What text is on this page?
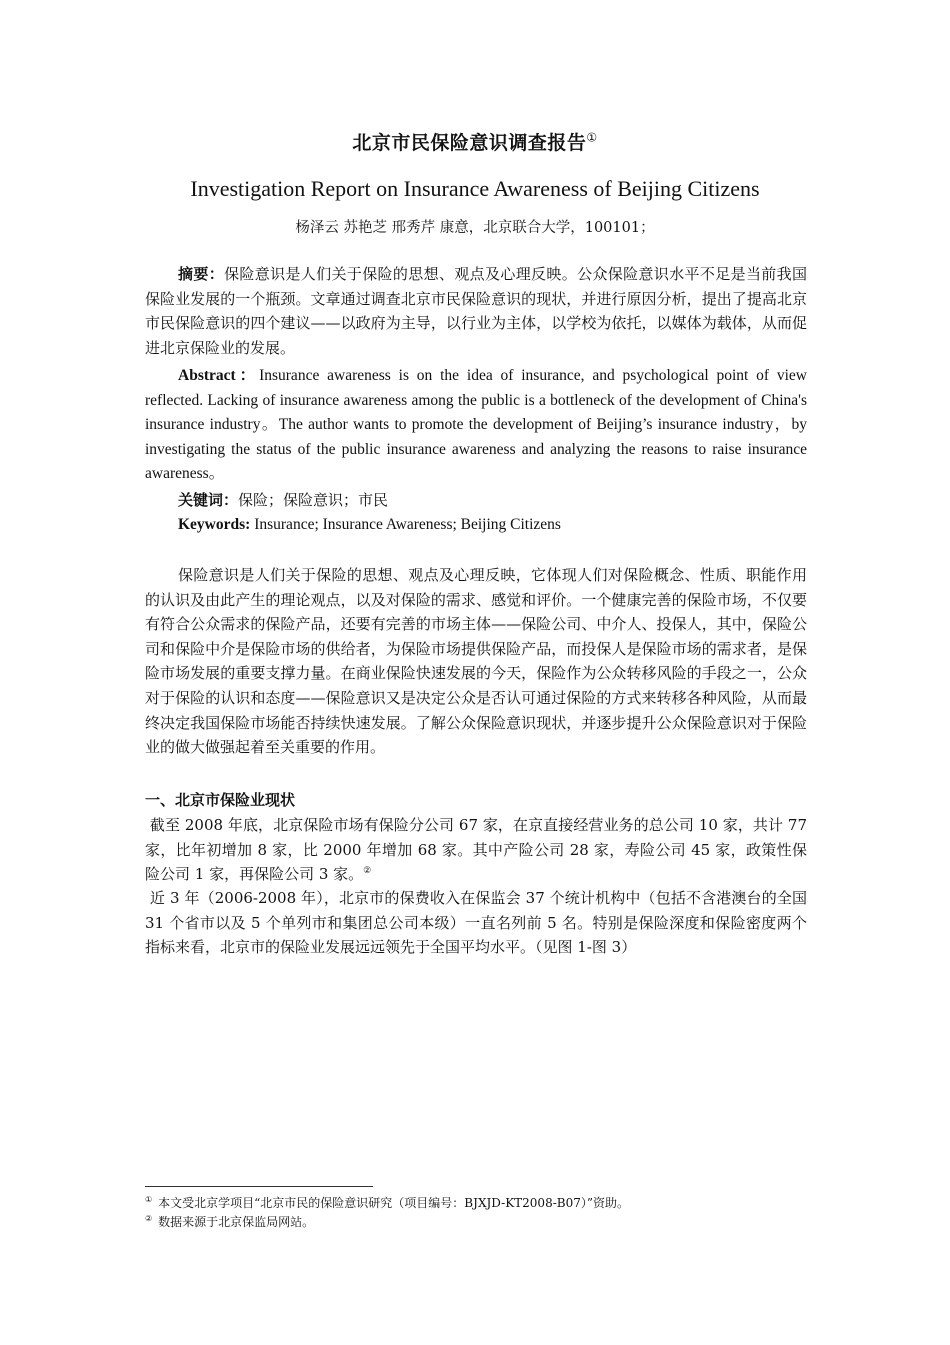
北京市民保险意识调查报告①
Investigation Report on Insurance Awareness of Beijing Citizens
杨泽云 苏艳芝 邢秀芹 康意，北京联合大学，100101；
摘要：保险意识是人们关于保险的思想、观点及心理反映。公众保险意识水平不足是当前我国保险业发展的一个瓶颈。文章通过调查北京市民保险意识的现状，并进行原因分析，提出了提高北京市民保险意识的四个建议——以政府为主导，以行业为主体，以学校为依托，以媒体为载体，从而促进北京保险业的发展。
Abstract：Insurance awareness is on the idea of insurance, and psychological point of view reflected. Lacking of insurance awareness among the public is a bottleneck of the development of China's insurance industry。The author wants to promote the development of Beijing’s insurance industry，by investigating the status of the public insurance awareness and analyzing the reasons to raise insurance awareness。
关键词：保险；保险意识；市民
Keywords: Insurance; Insurance Awareness; Beijing Citizens
保险意识是人们关于保险的思想、观点及心理反映，它体现人们对保险概念、性质、职能作用的认识及由此产生的理论观点，以及对保险的需求、感觉和评价。一个健康完善的保险市场，不仅要有符合公众需求的保险产品，还要有完善的市场主体——保险公司、中介人、投保人，其中，保险公司和保险中介是保险市场的供给者，为保险市场提供保险产品，而投保人是保险市场的需求者，是保险市场发展的重要支撑力量。在商业保险快速发展的今天，保险作为公众转移风险的手段之一，公众对于保险的认识和态度——保险意识又是决定公众是否认可通过保险的方式来转移各种风险，从而最终决定我国保险市场能否持续快速发展。了解公众保险意识现状，并逐步提升公众保险意识对于保险业的做大做强起着至关重要的作用。
一、北京市保险业现状
截至 2008 年底，北京保险市场有保险分公司 67 家，在京直接经营业务的总公司 10 家，共计 77 家，比年初增加 8 家，比 2000 年增加 68 家。其中产险公司 28 家，寿险公司 45 家，政策性保险公司 1 家，再保险公司 3 家。②
近 3 年（2006-2008 年），北京市的保费收入在保监会 37 个统计机构中（包括不含港澳台的全国 31 个省市以及 5 个单列市和集团总公司本级）一直名列前 5 名。特别是保险深度和保险密度两个指标来看，北京市的保险业发展远远领先于全国平均水平。（见图 1-图 3）
① 本文受北京学项目“北京市民的保险意识研究（项目编号：BJXJD-KT2008-B07）”资助。
② 数据来源于北京保监局网站。
